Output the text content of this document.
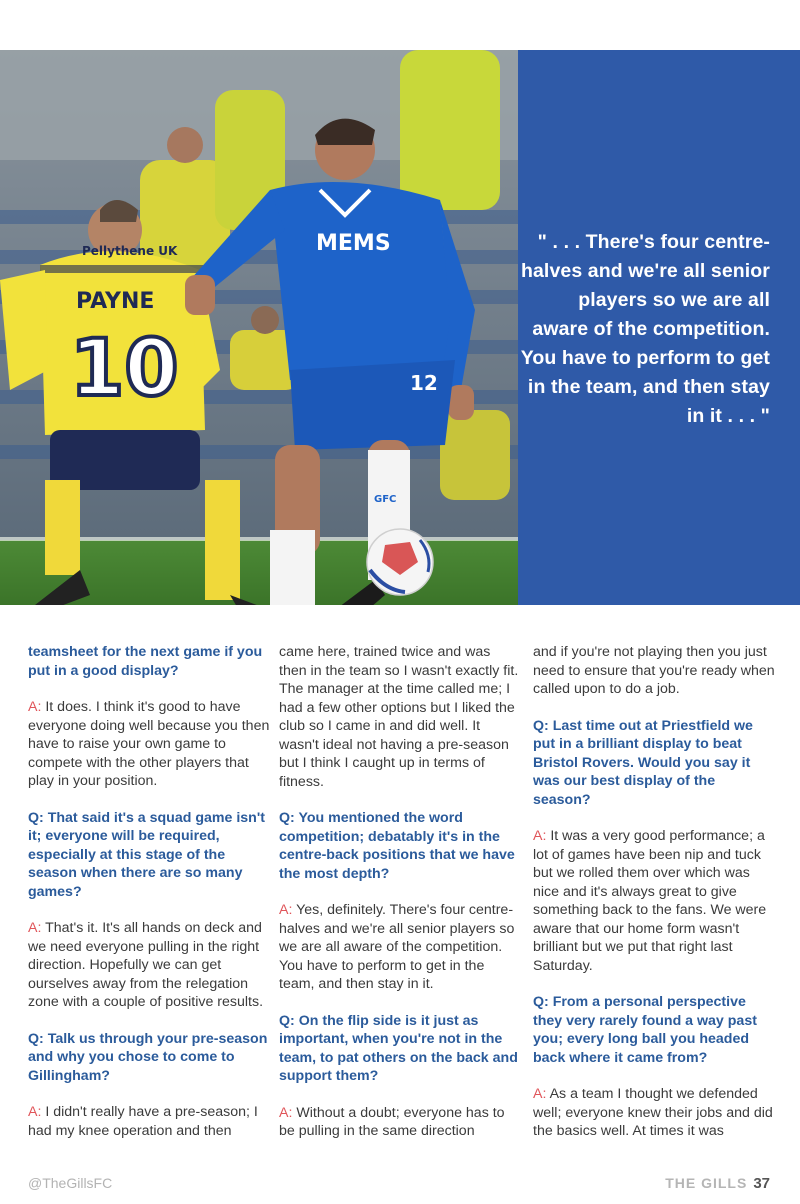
Pellythene UK
PAYNE
10
MEMS
12
GFC

" . . . There's four centre-halves and we're all senior players so we are all aware of the competition. You have to perform to get in the team, and then stay in it . . . "

teamsheet for the next game if you put in a good display?

A: It does. I think it's good to have everyone doing well because you then have to raise your own game to compete with the other players that play in your position.

Q: That said it's a squad game isn't it; everyone will be required, especially at this stage of the season when there are so many games?

A: That's it. It's all hands on deck and we need everyone pulling in the right direction. Hopefully we can get ourselves away from the relegation zone with a couple of positive results.

Q: Talk us through your pre-season and why you chose to come to Gillingham?

A: I didn't really have a pre-season; I had my knee operation and then

came here, trained twice and was then in the team so I wasn't exactly fit. The manager at the time called me; I had a few other options but I liked the club so I came in and did well. It wasn't ideal not having a pre-season but I think I caught up in terms of fitness.

Q: You mentioned the word competition; debatably it's in the centre-back positions that we have the most depth?

A: Yes, definitely. There's four centre-halves and we're all senior players so we are all aware of the competition. You have to perform to get in the team, and then stay in it.

Q: On the flip side is it just as important, when you're not in the team, to pat others on the back and support them?

A: Without a doubt; everyone has to be pulling in the same direction

and if you're not playing then you just need to ensure that you're ready when called upon to do a job.

Q: Last time out at Priestfield we put in a brilliant display to beat Bristol Rovers. Would you say it was our best display of the season?

A: It was a very good performance; a lot of games have been nip and tuck but we rolled them over which was nice and it's always great to give something back to the fans. We were aware that our home form wasn't brilliant but we put that right last Saturday.

Q: From a personal perspective they very rarely found a way past you; every long ball you headed back where it came from?

A: As a team I thought we defended well; everyone knew their jobs and did the basics well. At times it was

@TheGillsFC	THE GILLS 37
